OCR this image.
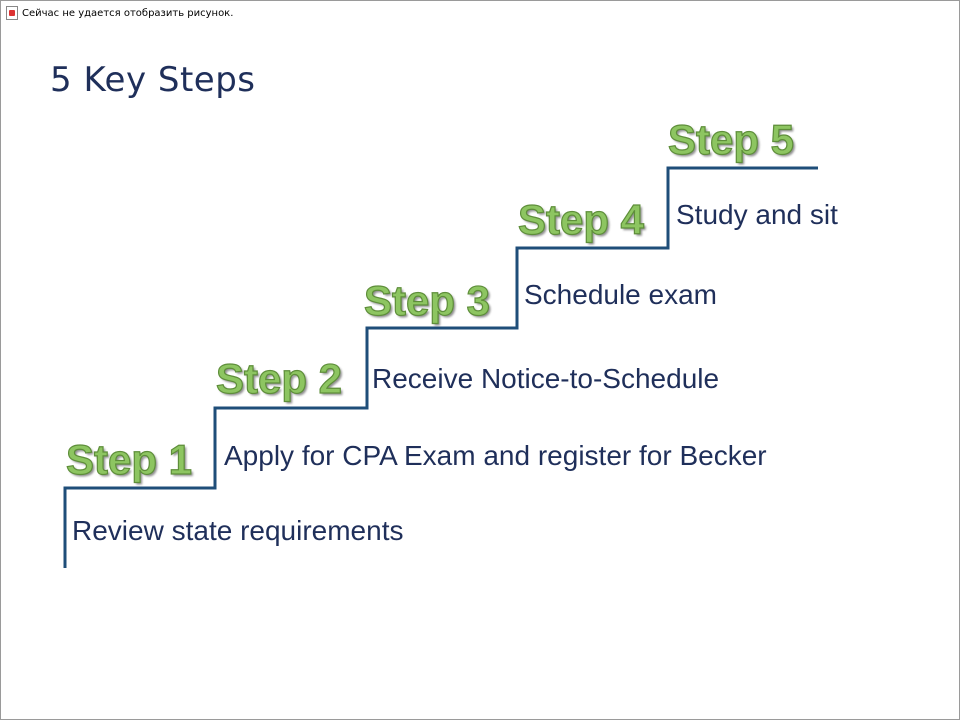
Сейчас не удается отобразить рисунок.
5 Key Steps
Step 1
Step 2
Step 3
Step 4
Step 5
Review state requirements
Apply for CPA Exam and register for Becker
Receive Notice-to-Schedule
Schedule exam
Study and sit
